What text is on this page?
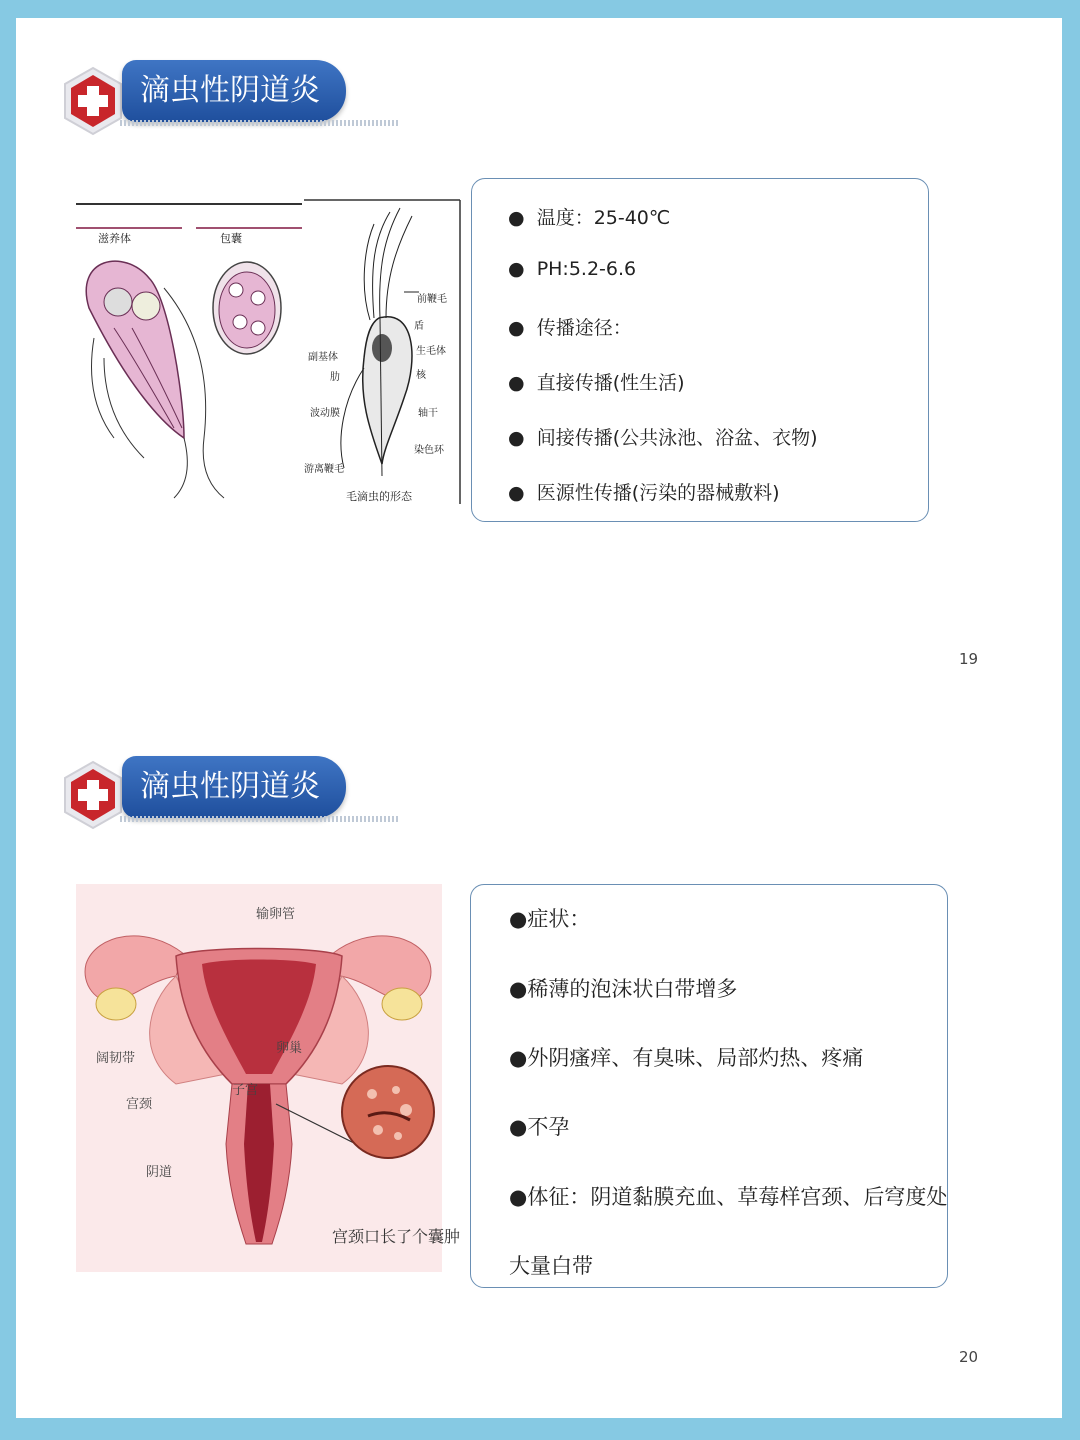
滴虫性阴道炎
滋养体	包囊
前鞭毛
盾
生毛体
副基体
肋	核
波动膜	轴干
染色环
游离鞭毛
毛滴虫的形态
● 温度：25-40℃
● PH:5.2-6.6
● 传播途径：
● 直接传播(性生活)
● 间接传播(公共泳池、浴盆、衣物)
● 医源性传播(污染的器械敷料)
19
滴虫性阴道炎
输卵管
阔韧带
卵巢
子宫
宫颈
阴道
宫颈口长了个囊肿
●症状：
●稀薄的泡沫状白带增多
●外阴瘙痒、有臭味、局部灼热、疼痛
●不孕
●体征：阴道黏膜充血、草莓样宫颈、后穹度处
大量白带
20
